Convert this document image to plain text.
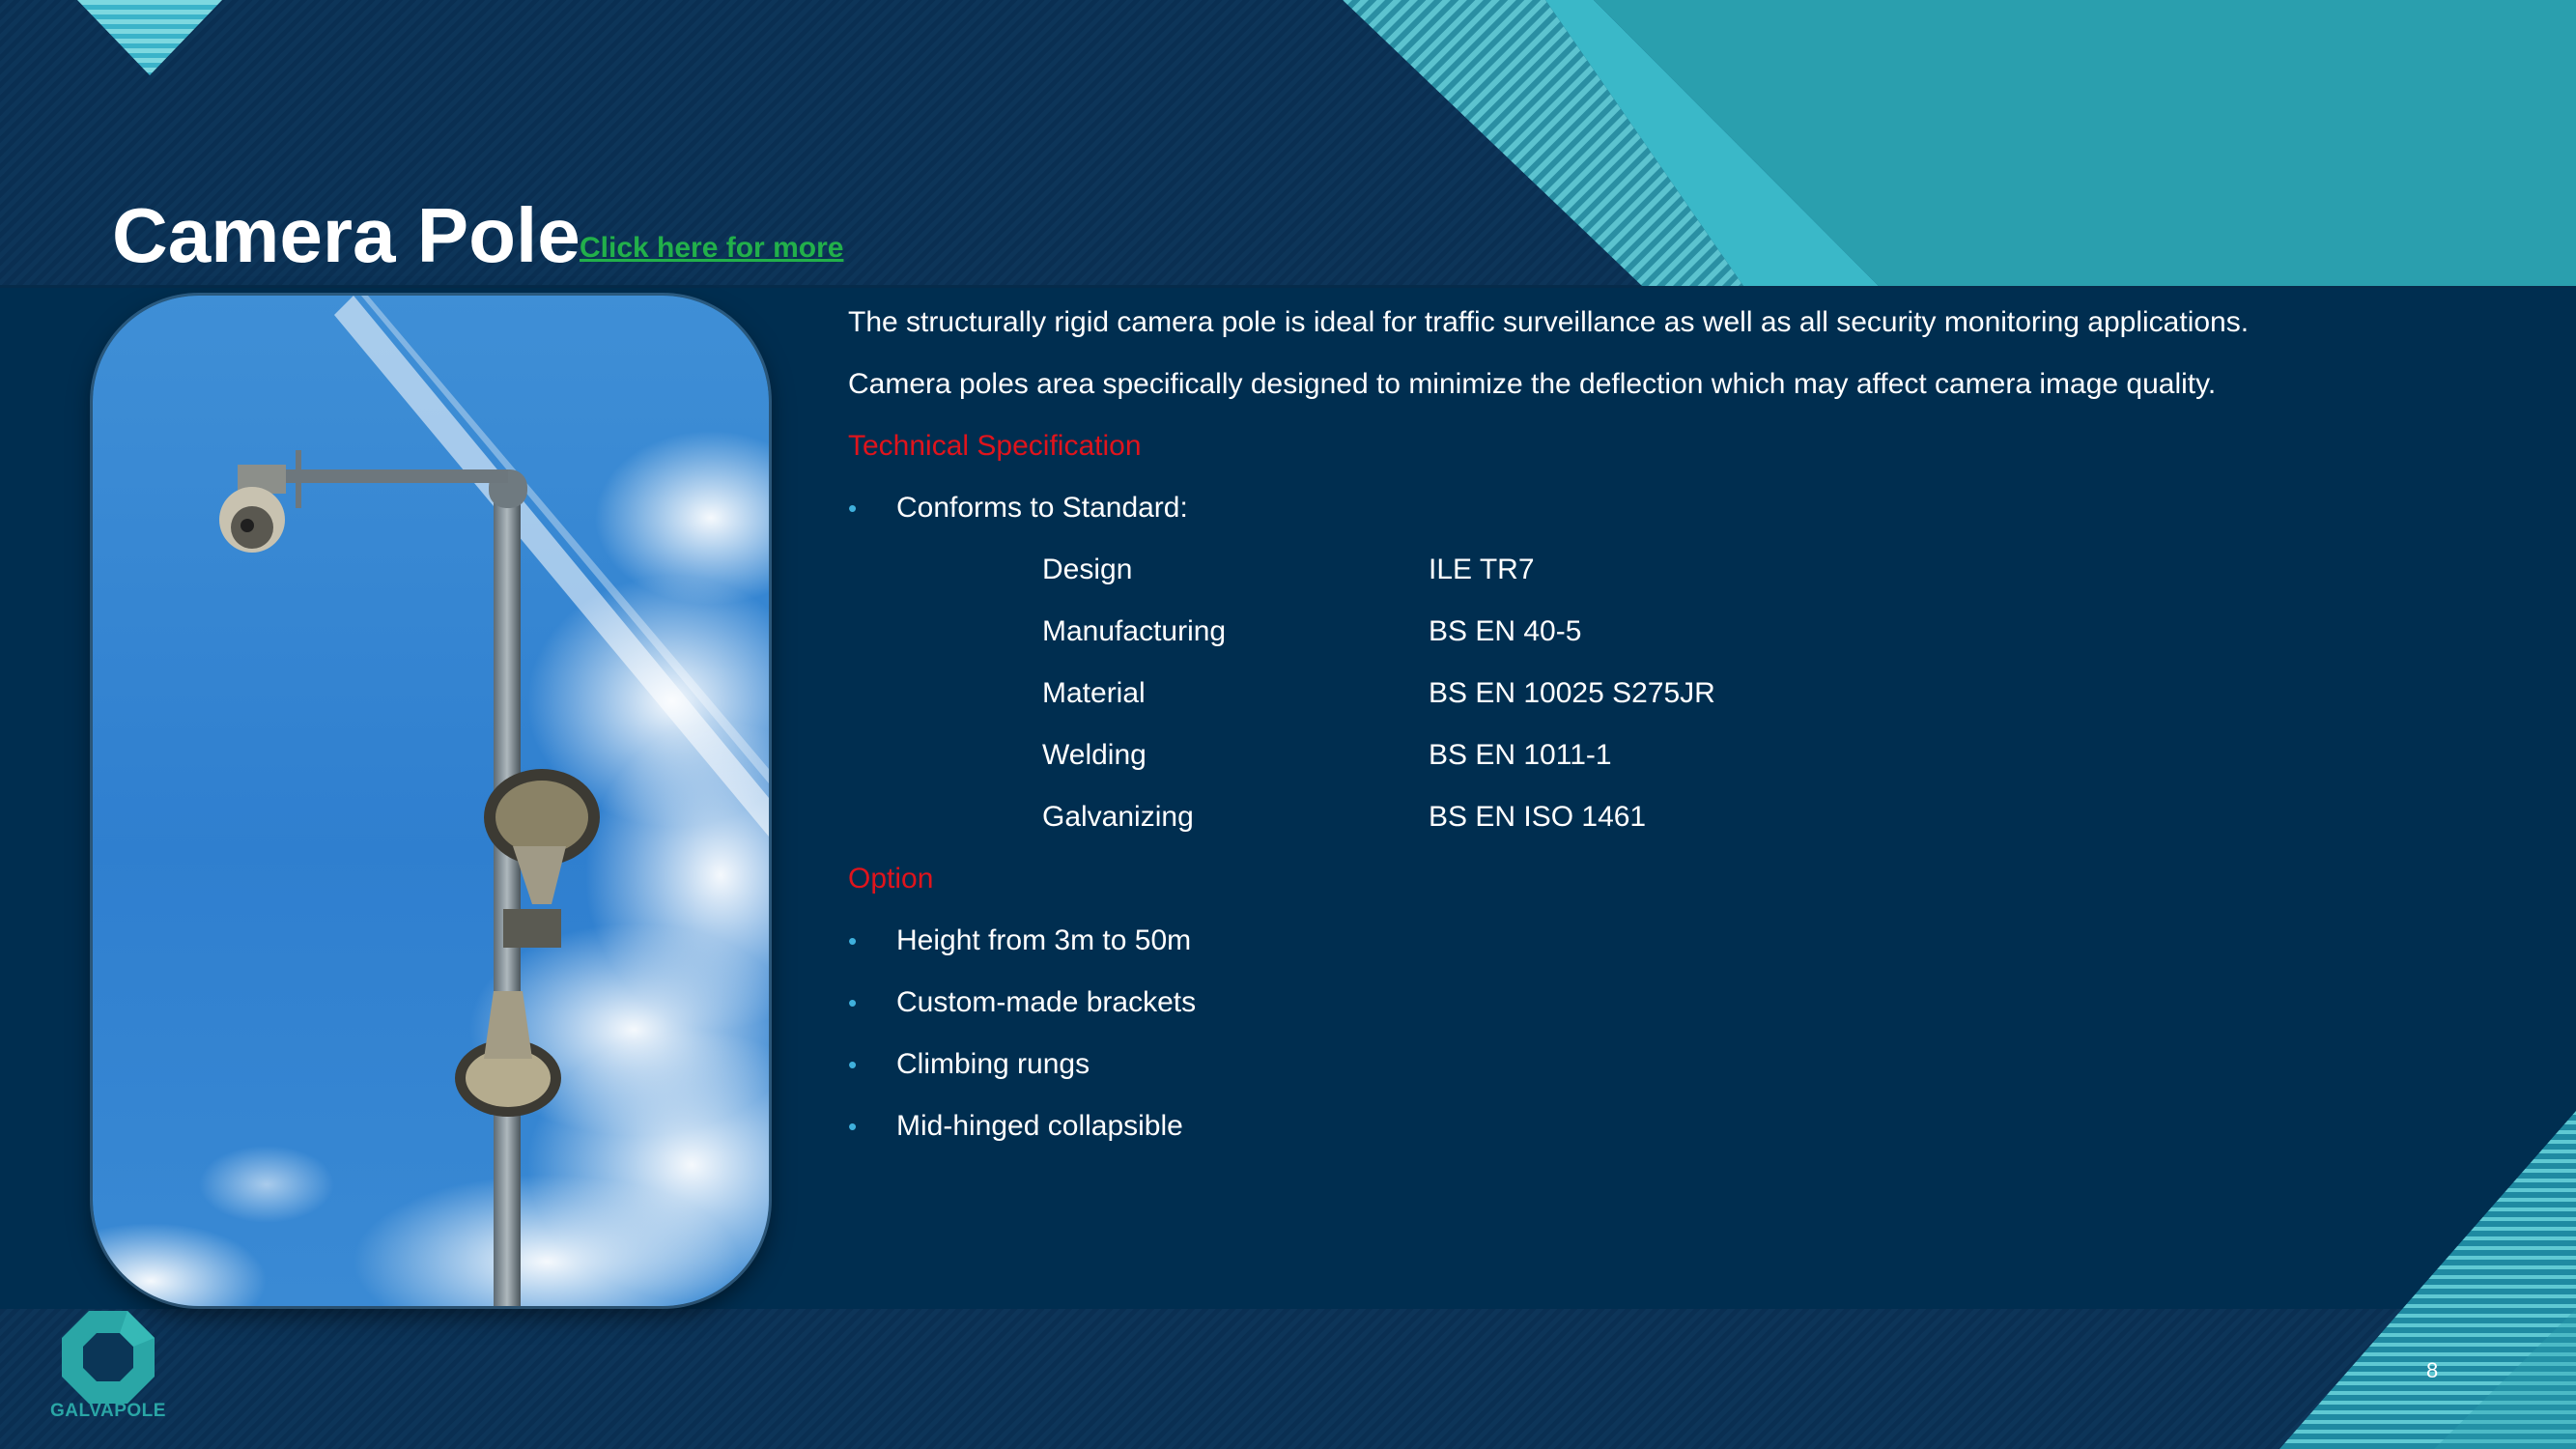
Camera Pole Click here for more
The structurally rigid camera pole is ideal for traffic surveillance as well as all security monitoring applications.
Camera poles area specifically designed to minimize the deflection which may affect camera image quality.
Technical Specification
• Conforms to Standard:
Design	ILE TR7
Manufacturing	BS EN 40-5
Material	BS EN 10025 S275JR
Welding	BS EN 1011-1
Galvanizing	BS EN ISO 1461
Option
• Height from 3m to 50m
• Custom-made brackets
• Climbing rungs
• Mid-hinged collapsible
GALVAPOLE
8
